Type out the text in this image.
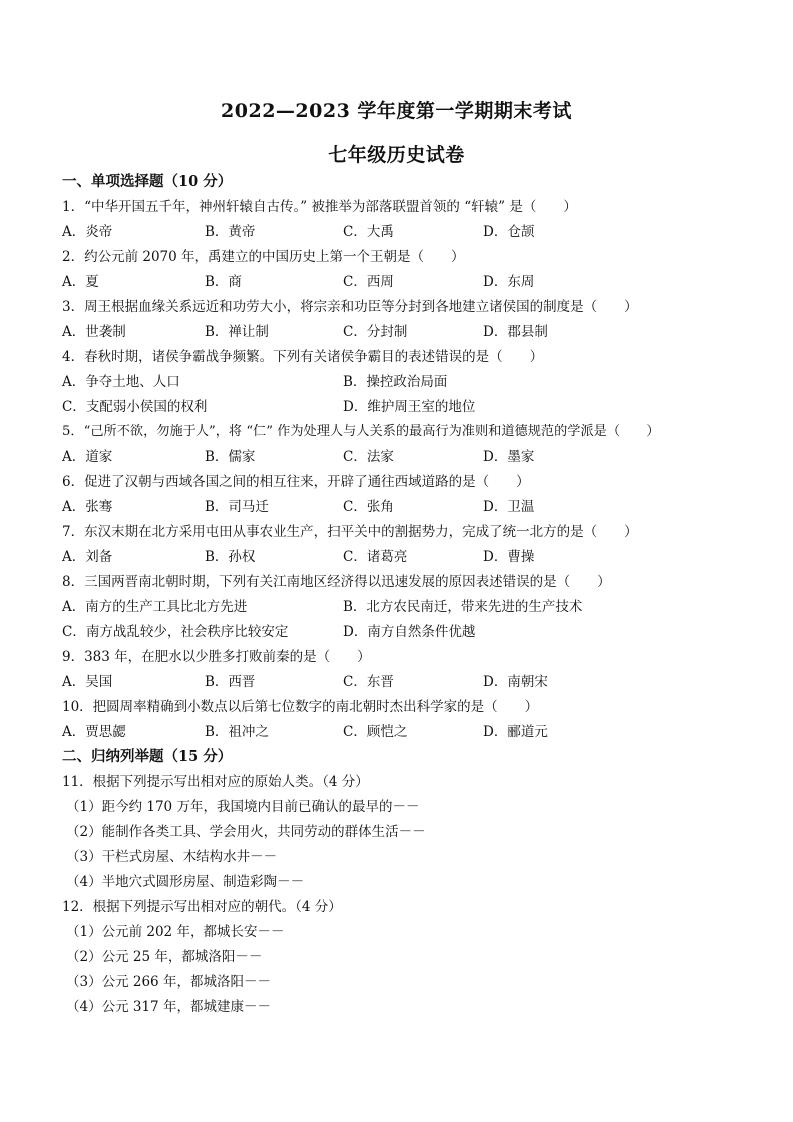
2022—2023 学年度第一学期期末考试
七年级历史试卷
一、单项选择题（10 分）
1．“中华开国五千年，神州轩辕自古传。” 被推举为部落联盟首领的 “轩辕” 是（　　）
A．炎帝	B．黄帝	C．大禹	D．仓颉
2．约公元前 2070 年，禹建立的中国历史上第一个王朝是（　　）
A．夏	B．商	C．西周	D．东周
3．周王根据血缘关系远近和功劳大小，将宗亲和功臣等分封到各地建立诸侯国的制度是（　　）
A．世袭制	B．禅让制	C．分封制	D．郡县制
4．春秋时期，诸侯争霸战争频繁。下列有关诸侯争霸目的表述错误的是（　　）
A．争夺土地、人口	B．操控政治局面
C．支配弱小侯国的权利	D．维护周王室的地位
5．“己所不欲，勿施于人”，将 “仁” 作为处理人与人关系的最高行为准则和道德规范的学派是（　　）
A．道家	B．儒家	C．法家	D．墨家
6．促进了汉朝与西域各国之间的相互往来，开辟了通往西域道路的是（　　）
A．张骞	B．司马迁	C．张角	D．卫温
7．东汉末期在北方采用屯田从事农业生产，扫平关中的割据势力，完成了统一北方的是（　　）
A．刘备	B．孙权	C．诸葛亮	D．曹操
8．三国两晋南北朝时期，下列有关江南地区经济得以迅速发展的原因表述错误的是（　　）
A．南方的生产工具比北方先进	B．北方农民南迁，带来先进的生产技术
C．南方战乱较少，社会秩序比较安定	D．南方自然条件优越
9．383 年，在肥水以少胜多打败前秦的是（　　）
A．吴国	B．西晋	C．东晋	D．南朝宋
10．把圆周率精确到小数点以后第七位数字的南北朝时杰出科学家的是（　　）
A．贾思勰	B．祖冲之	C．顾恺之	D．郦道元
二、归纳列举题（15 分）
11．根据下列提示写出相对应的原始人类。（4 分）
（1）距今约 170 万年，我国境内目前已确认的最早的－－
（2）能制作各类工具、学会用火，共同劳动的群体生活－－
（3）干栏式房屋、木结构水井－－
（4）半地穴式圆形房屋、制造彩陶－－
12．根据下列提示写出相对应的朝代。（4 分）
（1）公元前 202 年，都城长安－－
（2）公元 25 年，都城洛阳－－
（3）公元 266 年，都城洛阳－－
（4）公元 317 年，都城建康－－
